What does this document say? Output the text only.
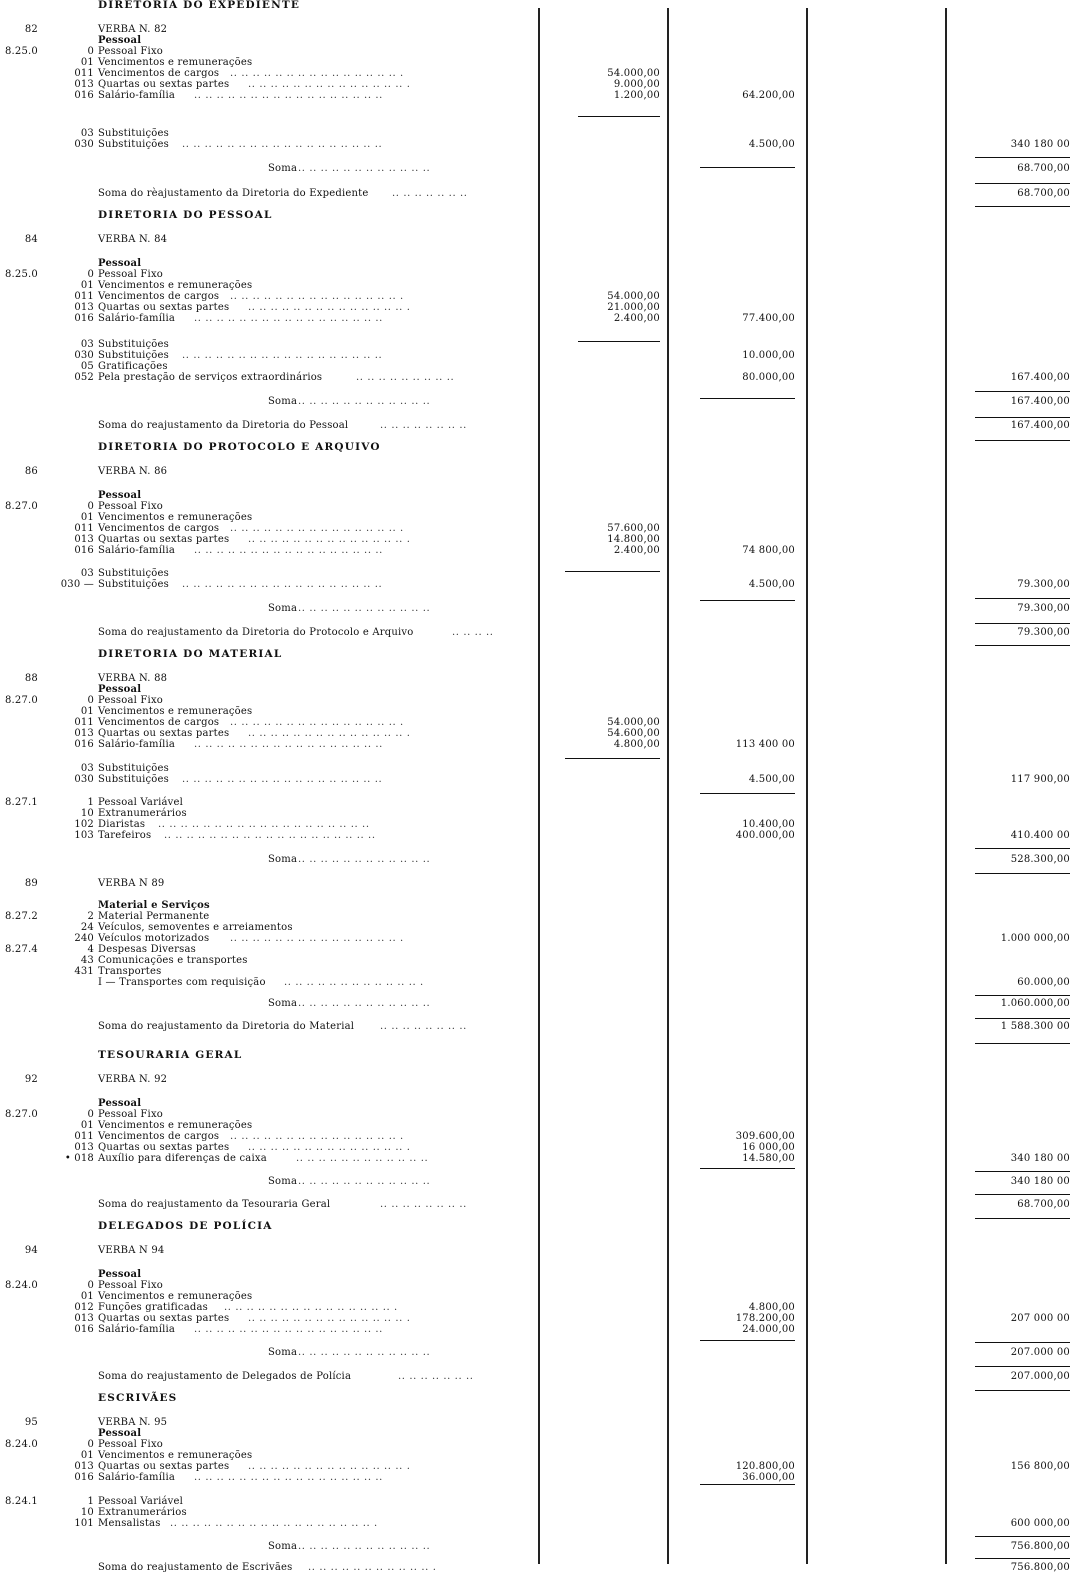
DIRETORIA DO EXPEDIENTE
82	VERBA N. 82
Pessoal
8.25.0	0 Pessoal Fixo
01 Vencimentos e remunerações
011 Vencimentos de cargos .. .. .. .. .. .. .. .. .. .. .. .. .. .. .. .	54.000,00
013 Quartas ou sextas partes .. .. .. .. .. .. .. .. .. .. .. .. .. .. .	9.000,00
016 Salário-família .. .. .. .. .. .. .. .. .. .. .. .. .. .. .. .. ..	1.200,00	64.200,00
03 Substituições
030 Substituições .. .. .. .. .. .. .. .. .. .. .. .. .. .. .. .. .. ..	4.500,00	340 180 00
Soma .. .. .. .. .. .. .. .. .. .. .. ..	68.700,00
Soma do rèajustamento da Diretoria do Expediente .. .. .. .. .. .. ..	68.700,00
DIRETORIA DO PESSOAL
84	VERBA N. 84
Pessoal
8.25.0	0 Pessoal Fixo
01 Vencimentos e remunerações
011 Vencimentos de cargos .. .. .. .. .. .. .. .. .. .. .. .. .. .. .. .	54.000,00
013 Quartas ou sextas partes .. .. .. .. .. .. .. .. .. .. .. .. .. .. .	21.000,00
016 Salário-família .. .. .. .. .. .. .. .. .. .. .. .. .. .. .. .. ..	2.400,00	77.400,00
03 Substituições
030 Substituições .. .. .. .. .. .. .. .. .. .. .. .. .. .. .. .. .. ..	10.000,00
05 Gratificações
052 Pela prestação de serviços extraordinários	.. .. .. .. .. .. .. .. ..	80.000,00	167.400,00
Soma .. .. .. .. .. .. .. .. .. .. .. ..	167.400,00
Soma do reajustamento da Diretoria do Pessoal	.. .. .. .. .. .. .. ..	167.400,00
DIRETORIA DO PROTOCOLO E ARQUIVO
86	VERBA N. 86
Pessoal
8.27.0	0 Pessoal Fixo
01 Vencimentos e remunerações
011 Vencimentos de cargos .. .. .. .. .. .. .. .. .. .. .. .. .. .. .. .	57.600,00
013 Quartas ou sextas partes .. .. .. .. .. .. .. .. .. .. .. .. .. .. .	14.800,00
016 Salário-família .. .. .. .. .. .. .. .. .. .. .. .. .. .. .. .. ..	2.400,00	74 800,00
03 Substituições
030 — Substituições .. .. .. .. .. .. .. .. .. .. .. .. .. .. .. .. .. ..	4.500,00	79.300,00
Soma .. .. .. .. .. .. .. .. .. .. .. ..	79.300,00
Soma do reajustamento da Diretoria do Protocolo e Arquivo	.. .. .. ..	79.300,00
DIRETORIA DO MATERIAL
88	VERBA N. 88
Pessoal
8.27.0	0 Pessoal Fixo
01 Vencimentos e remunerações
011 Vencimentos de cargos .. .. .. .. .. .. .. .. .. .. .. .. .. .. .. .	54.000,00
013 Quartas ou sextas partes .. .. .. .. .. .. .. .. .. .. .. .. .. .. .	54.600,00
016 Salário-família .. .. .. .. .. .. .. .. .. .. .. .. .. .. .. .. ..	4.800,00	113 400 00
03 Substituições
030 Substituições .. .. .. .. .. .. .. .. .. .. .. .. .. .. .. .. .. ..	4.500,00	117 900,00
8.27.1	1 Pessoal Variável
10 Extranumerários
102 Diaristas .. .. .. .. .. .. .. .. .. .. .. .. .. .. .. .. .. .. ..	10.400,00
103 Tarefeiros .. .. .. .. .. .. .. .. .. .. .. .. .. .. .. .. .. .. ..	400.000,00	410.400 00
Soma .. .. .. .. .. .. .. .. .. .. .. ..	528.300,00
89	VERBA N 89
Material e Serviços
8.27.2	2 Material Permanente
24 Veículos, semoventes e arreiamentos
240 Veículos motorizados .. .. .. .. .. .. .. .. .. .. .. .. .. .. .. .	1.000 000,00
8.27.4	4 Despesas Diversas
43 Comunicações e transportes
431 Transportes
I — Transportes com requisição .. .. .. .. .. .. .. .. .. .. .. .. .	60.000,00
Soma .. .. .. .. .. .. .. .. .. .. .. ..	1.060.000,00
Soma do reajustamento da Diretoria do Material	.. .. .. .. .. .. .. ..	1 588.300 00
TESOURARIA GERAL
92	VERBA N. 92
Pessoal
8.27.0	0 Pessoal Fixo
01 Vencimentos e remunerações
011 Vencimentos de cargos .. .. .. .. .. .. .. .. .. .. .. .. .. .. .. .	309.600,00
013 Quartas ou sextas partes .. .. .. .. .. .. .. .. .. .. .. .. .. .. .	16 000,00
• 018 Auxílio para diferenças de caixa	.. .. .. .. .. .. .. .. .. .. .. ..	14.580,00	340 180 00
Soma .. .. .. .. .. .. .. .. .. .. .. ..	340 180 00
Soma do reajustamento da Tesouraria Geral	.. .. .. .. .. .. .. ..	68.700,00
DELEGADOS DE POLÍCIA
94	VERBA N 94
Pessoal
8.24.0	0 Pessoal Fixo
01 Vencimentos e remunerações
012 Funções gratificadas .. .. .. .. .. .. .. .. .. .. .. .. .. .. .. .	4.800,00
013 Quartas ou sextas partes .. .. .. .. .. .. .. .. .. .. .. .. .. .. .	178.200,00	207 000 00
016 Salário-família .. .. .. .. .. .. .. .. .. .. .. .. .. .. .. .. ..	24.000,00
Soma .. .. .. .. .. .. .. .. .. .. .. ..	207.000 00
Soma do reajustamento de Delegados de Polícia	.. .. .. .. .. .. ..	207.000,00
ESCRIVÃES
95	VERBA N. 95
Pessoal
8.24.0	0 Pessoal Fixo
01 Vencimentos e remunerações
013 Quartas ou sextas partes .. .. .. .. .. .. .. .. .. .. .. .. .. .. .	120.800,00	156 800,00
016 Salário-família .. .. .. .. .. .. .. .. .. .. .. .. .. .. .. .. ..	36.000,00
8.24.1	1 Pessoal Variável
10 Extranumerários
101 Mensalistas .. .. .. .. .. .. .. .. .. .. .. .. .. .. .. .. .. .. .	600 000,00
Soma .. .. .. .. .. .. .. .. .. .. .. ..	756.800,00
Soma do reajustamento de Escrivães .. .. .. .. .. .. .. .. .. .. .. .	756.800,00
